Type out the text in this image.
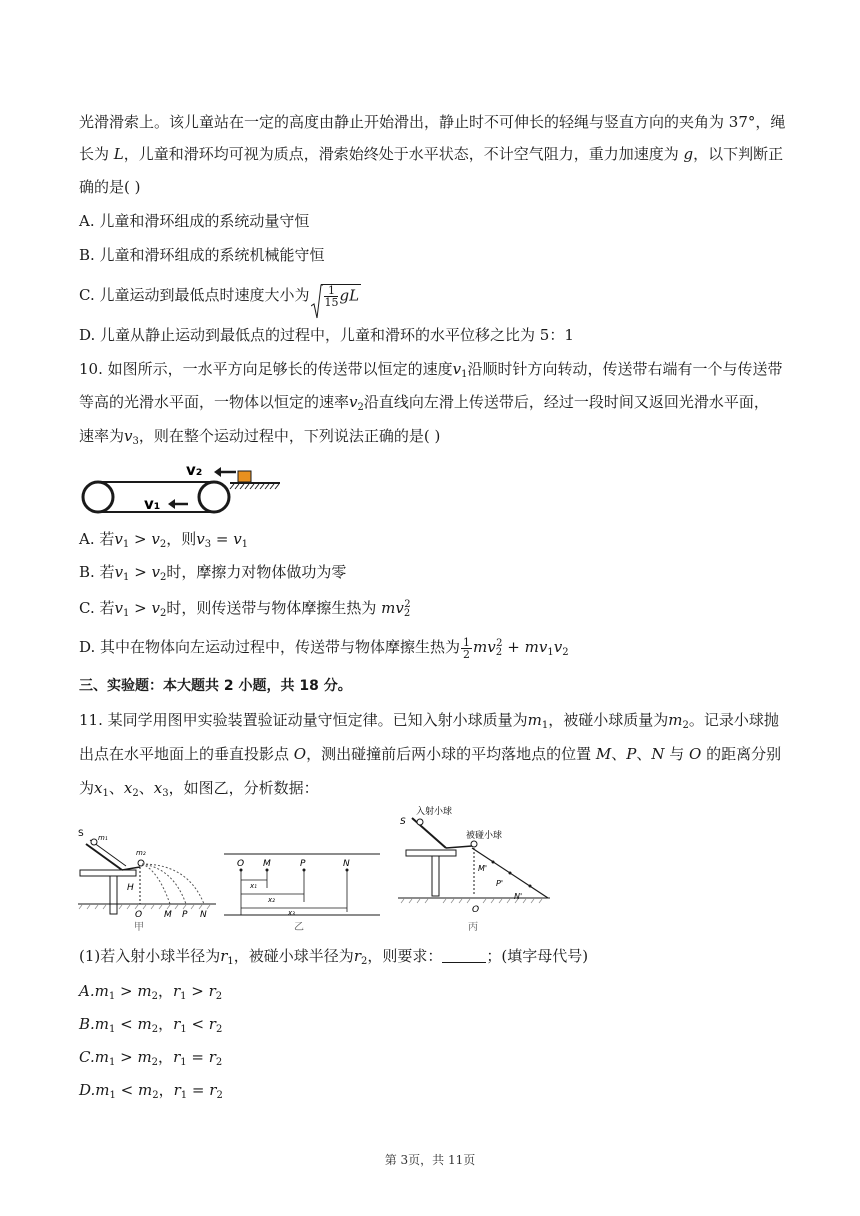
光滑滑索上。该儿童站在一定的高度由静止开始滑出，静止时不可伸长的轻绳与竖直方向的夹角为 37°，绳
长为 L，儿童和滑环均可视为质点，滑索始终处于水平状态，不计空气阻力，重力加速度为 g，以下判断正
确的是( )
A. 儿童和滑环组成的系统动量守恒
B. 儿童和滑环组成的系统机械能守恒
C. 儿童运动到最低点时速度大小为 $\frac{1}{15}$ gL
D. 儿童从静止运动到最低点的过程中，儿童和滑环的水平位移之比为 5：1
10. 如图所示，一水平方向足够长的传送带以恒定的速度$v_1$沿顺时针方向转动，传送带右端有一个与传送带
等高的光滑水平面，一物体以恒定的速率$v_2$沿直线向左滑上传送带后，经过一段时间又返回光滑水平面，
速率为$v_3$，则在整个运动过程中，下列说法正确的是( )
v₂
v₁
A. 若$v_1 > v_2$，则$v_3 = v_1$
B. 若$v_1 > v_2$时，摩擦力对物体做功为零
C. 若$v_1 > v_2$时，则传送带与物体摩擦生热为 $mv_2^2$
D. 其中在物体向左运动过程中，传送带与物体摩擦生热为 $\frac{1}{2} mv_2^2 + mv_1v_2$
三、实验题：本大题共 2 小题，共 18 分。
11. 某同学用图甲实验装置验证动量守恒定律。已知入射小球质量为$m_1$，被碰小球质量为$m_2$。记录小球抛
出点在水平地面上的垂直投影点 O，测出碰撞前后两小球的平均落地点的位置 M、P、N 与 O 的距离分别
为$x_1$、$x_2$、$x_3$，如图乙，分析数据：
S m₁
m₂
H
O M P N
甲
O M	P	N
x₁
x₂
x₃
乙
入射小球
被碰小球
S
M'
P'
N'
O
丙
(1)若入射小球半径为$r_1$，被碰小球半径为$r_2$，则要求：	；(填字母代号)
$A.m_1 > m_2$，$r_1 > r_2$
$B.m_1 < m_2$，$r_1 < r_2$
$C.m_1 > m_2$，$r_1 = r_2$
$D.m_1 < m_2$，$r_1 = r_2$
第 3页，共 11页
